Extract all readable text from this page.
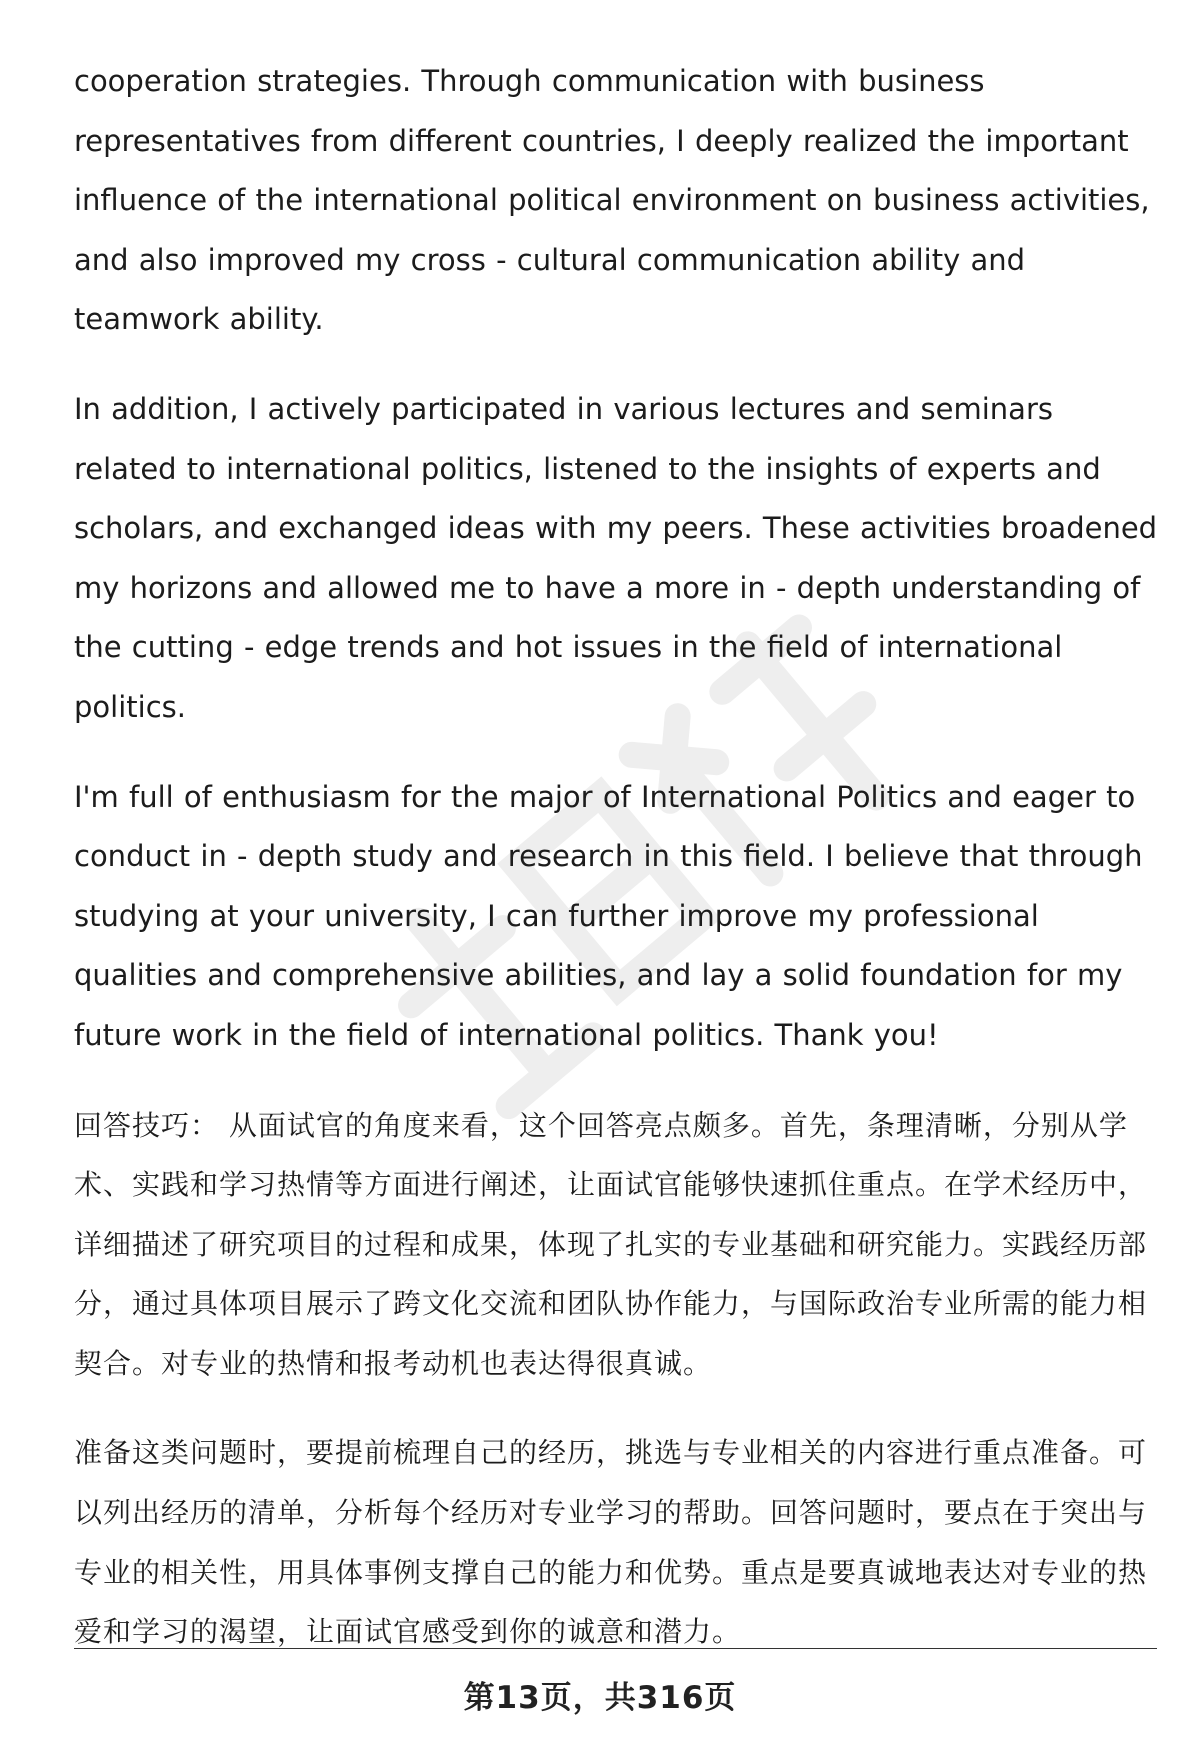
cooperation strategies. Through communication with business representatives from different countries, I deeply realized the important influence of the international political environment on business activities, and also improved my cross - cultural communication ability and teamwork ability.

In addition, I actively participated in various lectures and seminars related to international politics, listened to the insights of experts and scholars, and exchanged ideas with my peers. These activities broadened my horizons and allowed me to have a more in - depth understanding of the cutting - edge trends and hot issues in the field of international politics.

I'm full of enthusiasm for the major of International Politics and eager to conduct in - depth study and research in this field. I believe that through studying at your university, I can further improve my professional qualities and comprehensive abilities, and lay a solid foundation for my future work in the field of international politics. Thank you!

回答技巧： 从面试官的角度来看，这个回答亮点颇多。首先，条理清晰，分别从学术、实践和学习热情等方面进行阐述，让面试官能够快速抓住重点。在学术经历中，详细描述了研究项目的过程和成果，体现了扎实的专业基础和研究能力。实践经历部分，通过具体项目展示了跨文化交流和团队协作能力，与国际政治专业所需的能力相契合。对专业的热情和报考动机也表达得很真诚。

准备这类问题时，要提前梳理自己的经历，挑选与专业相关的内容进行重点准备。可以列出经历的清单，分析每个经历对专业学习的帮助。回答问题时，要点在于突出与专业的相关性，用具体事例支撑自己的能力和优势。重点是要真诚地表达对专业的热爱和学习的渴望，让面试官感受到你的诚意和潜力。

第13页，共316页
